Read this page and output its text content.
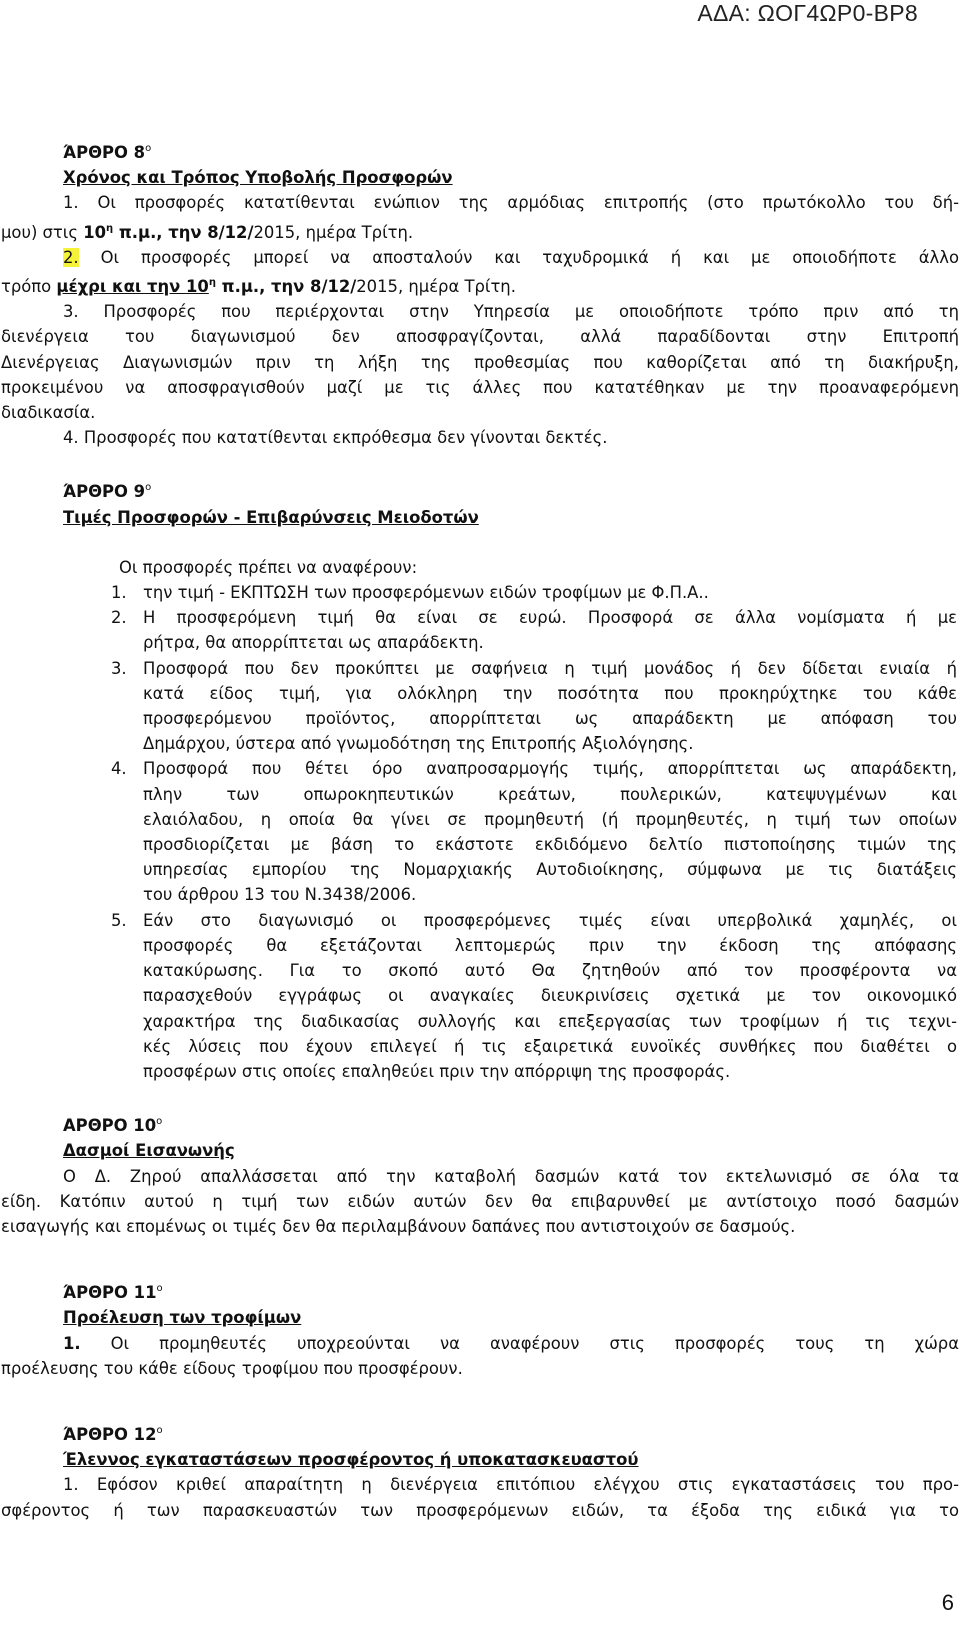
ΑΔΑ: ΩΟΓ4ΩΡ0-ΒΡ8
ΆΡΘΡΟ $8^o$
Χρόνος και Τρόπος Υποβολής Προσφορών

1. Οι προσφορές κατατίθενται ενώπιον της αρμόδιας επιτροπής (στο πρωτόκολλο του δή-

μου) στις $10^\eta$ π.μ., την 8/12/2015, ημέρα Τρίτη.

2. Οι προσφορές μπορεί να αποσταλούν και ταχυδρομικά ή και με οποιοδήποτε άλλο

τρόπο μέχρι και την $10^\eta$ π.μ., την 8/12/2015, ημέρα Τρίτη.

3. Προσφορές που περιέρχονται στην Υπηρεσία με οποιοδήποτε τρόπο πριν από τη

διενέργεια του διαγωνισμού δεν αποσφραγίζονται, αλλά παραδίδονται στην Επιτροπή

Διενέργειας Διαγωνισμών πριν τη λήξη της προθεσμίας που καθορίζεται από τη διακήρυξη,

προκειμένου να αποσφραγισθούν μαζί με τις άλλες που κατατέθηκαν με την προαναφερόμενη

διαδικασία.

4. Προσφορές που κατατίθενται εκπρόθεσμα δεν γίνονται δεκτές.

ΆΡΘΡΟ $9^o$
Τιμές Προσφορών - Επιβαρύνσεις Μειοδοτών
Οι προσφορές πρέπει να αναφέρουν:
1. την τιμή - ΕΚΠΤΩΣΗ των προσφερόμενων ειδών τροφίμων με Φ.Π.Α..

2. Η προσφερόμενη τιμή θα είναι σε ευρώ. Προσφορά σε άλλα νομίσματα ή με

ρήτρα, θα απορρίπτεται ως απαράδεκτη.

3. Προσφορά που δεν προκύπτει με σαφήνεια η τιμή μονάδος ή δεν δίδεται ενιαία ή

κατά είδος τιμή, για ολόκληρη την ποσότητα που προκηρύχτηκε του κάθε

προσφερόμενου προϊόντος, απορρίπτεται ως απαράδεκτη με απόφαση του

Δημάρχου, ύστερα από γνωμοδότηση της Επιτροπής Αξιολόγησης.

4. Προσφορά που θέτει όρο αναπροσαρμογής τιμής, απορρίπτεται ως απαράδεκτη,

πλην των οπωροκηπευτικών κρεάτων, πουλερικών, κατεψυγμένων και

ελαιόλαδου, η οποία θα γίνει σε προμηθευτή (ή προμηθευτές, η τιμή των οποίων

προσδιορίζεται με βάση το εκάστοτε εκδιδόμενο δελτίο πιστοποίησης τιμών της

υπηρεσίας εμπορίου της Νομαρχιακής Αυτοδιοίκησης, σύμφωνα με τις διατάξεις

του άρθρου 13 του Ν.3438/2006.

5. Εάν στο διαγωνισμό οι προσφερόμενες τιμές είναι υπερβολικά χαμηλές, οι

προσφορές θα εξετάζονται λεπτομερώς πριν την έκδοση της απόφασης

κατακύρωσης. Για το σκοπό αυτό Θα ζητηθούν από τον προσφέροντα να

παρασχεθούν εγγράφως οι αναγκαίες διευκρινίσεις σχετικά με τον οικονομικό

χαρακτήρα της διαδικασίας συλλογής και επεξεργασίας των τροφίμων ή τις τεχνι-

κές λύσεις που έχουν επιλεγεί ή τις εξαιρετικά ευνοϊκές συνθήκες που διαθέτει ο

προσφέρων στις οποίες επαληθεύει πριν την απόρριψη της προσφοράς.

ΑΡΘΡΟ $10^o$
Δασμοί Εισανωνής

Ο Δ. Ζηρού απαλλάσσεται από την καταβολή δασμών κατά τον εκτελωνισμό σε όλα τα

είδη. Κατόπιν αυτού η τιμή των ειδών αυτών δεν θα επιβαρυνθεί με αντίστοιχο ποσό δασμών

εισαγωγής και επομένως οι τιμές δεν θα περιλαμβάνουν δαπάνες που αντιστοιχούν σε δασμούς.

ΆΡΘΡΟ $11^o$
Προέλευση των τροφίμων

1. Οι προμηθευτές υποχρεούνται να αναφέρουν στις προσφορές τους τη χώρα

προέλευσης του κάθε είδους τροφίμου που προσφέρουν.

ΆΡΘΡΟ $12^o$
Έλεννος εγκαταστάσεων προσφέροντος ή υποκατασκευαστού

1. Εφόσον κριθεί απαραίτητη η διενέργεια επιτόπιου ελέγχου στις εγκαταστάσεις του προ-

σφέροντος ή των παρασκευαστών των προσφερόμενων ειδών, τα έξοδα της ειδικά για το

6
